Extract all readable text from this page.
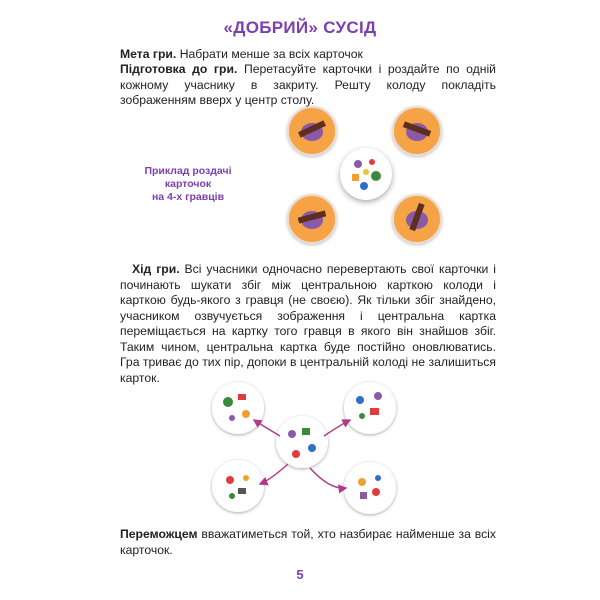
«ДОБРИЙ» СУСІД

Мета гри. Набрати менше за всіх карточок

Підготовка до гри. Перетасуйте карточки і роздайте по одній кожному учаснику в закриту. Решту колоду покладіть зображенням вверх у центр столу.

Приклад роздачі карточок
на 4-х гравців

Хід гри. Всі учасники одночасно перевертають свої карточки і починають шукати збіг між центральною карткою колоди і карткою будь-якого з гравця (не своєю). Як тільки збіг знайдено, учасником озвучується зображення і центральна картка переміщається на картку того гравця в якого він знайшов збіг. Таким чином, центральна картка буде постійно оновлюватись. Гра триває до тих пір, допоки в центральній колоді не залишиться карток.

Переможцем вважатиметься той, хто назбирає найменше за всіх карточок.

5
